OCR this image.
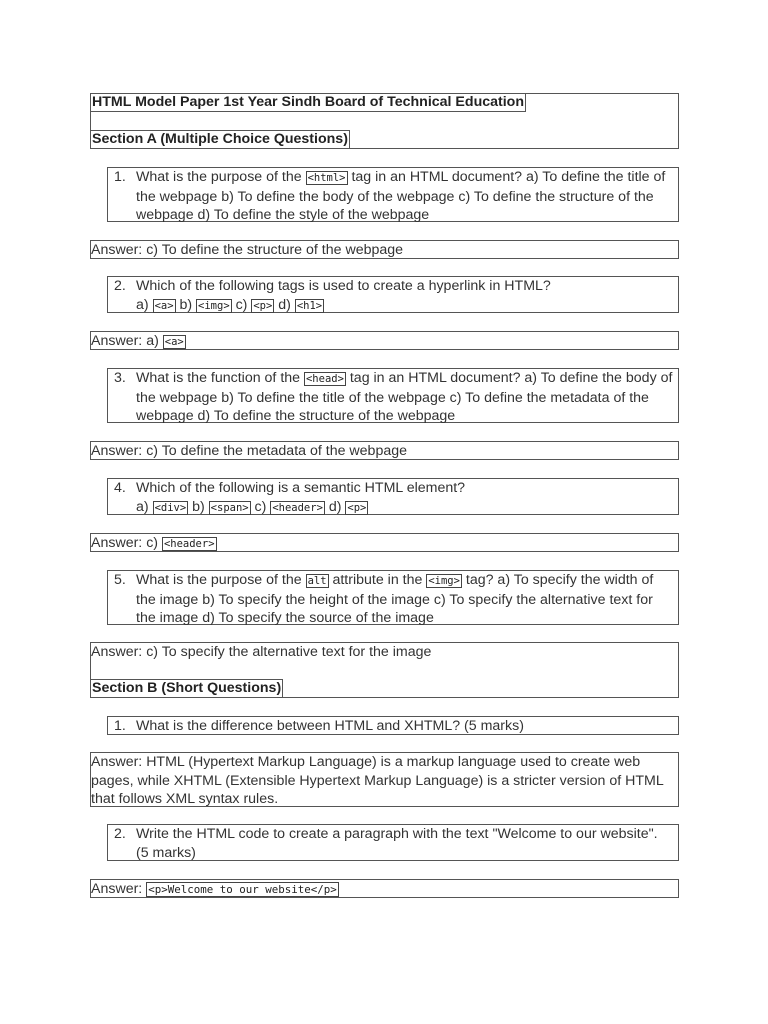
HTML Model Paper 1st Year Sindh Board of Technical Education
Section A (Multiple Choice Questions)
1. What is the purpose of the <html> tag in an HTML document? a) To define the title of the webpage b) To define the body of the webpage c) To define the structure of the webpage d) To define the style of the webpage
Answer: c) To define the structure of the webpage
2. Which of the following tags is used to create a hyperlink in HTML?
a) <a> b) <img> c) <p> d) <h1>
Answer: a) <a>
3. What is the function of the <head> tag in an HTML document? a) To define the body of the webpage b) To define the title of the webpage c) To define the metadata of the webpage d) To define the structure of the webpage
Answer: c) To define the metadata of the webpage
4. Which of the following is a semantic HTML element?
a) <div> b) <span> c) <header> d) <p>
Answer: c) <header>
5. What is the purpose of the alt attribute in the <img> tag? a) To specify the width of the image b) To specify the height of the image c) To specify the alternative text for the image d) To specify the source of the image
Answer: c) To specify the alternative text for the image
Section B (Short Questions)
1. What is the difference between HTML and XHTML? (5 marks)
Answer: HTML (Hypertext Markup Language) is a markup language used to create web pages, while XHTML (Extensible Hypertext Markup Language) is a stricter version of HTML that follows XML syntax rules.
2. Write the HTML code to create a paragraph with the text "Welcome to our website". (5 marks)
Answer: <p>Welcome to our website</p>
